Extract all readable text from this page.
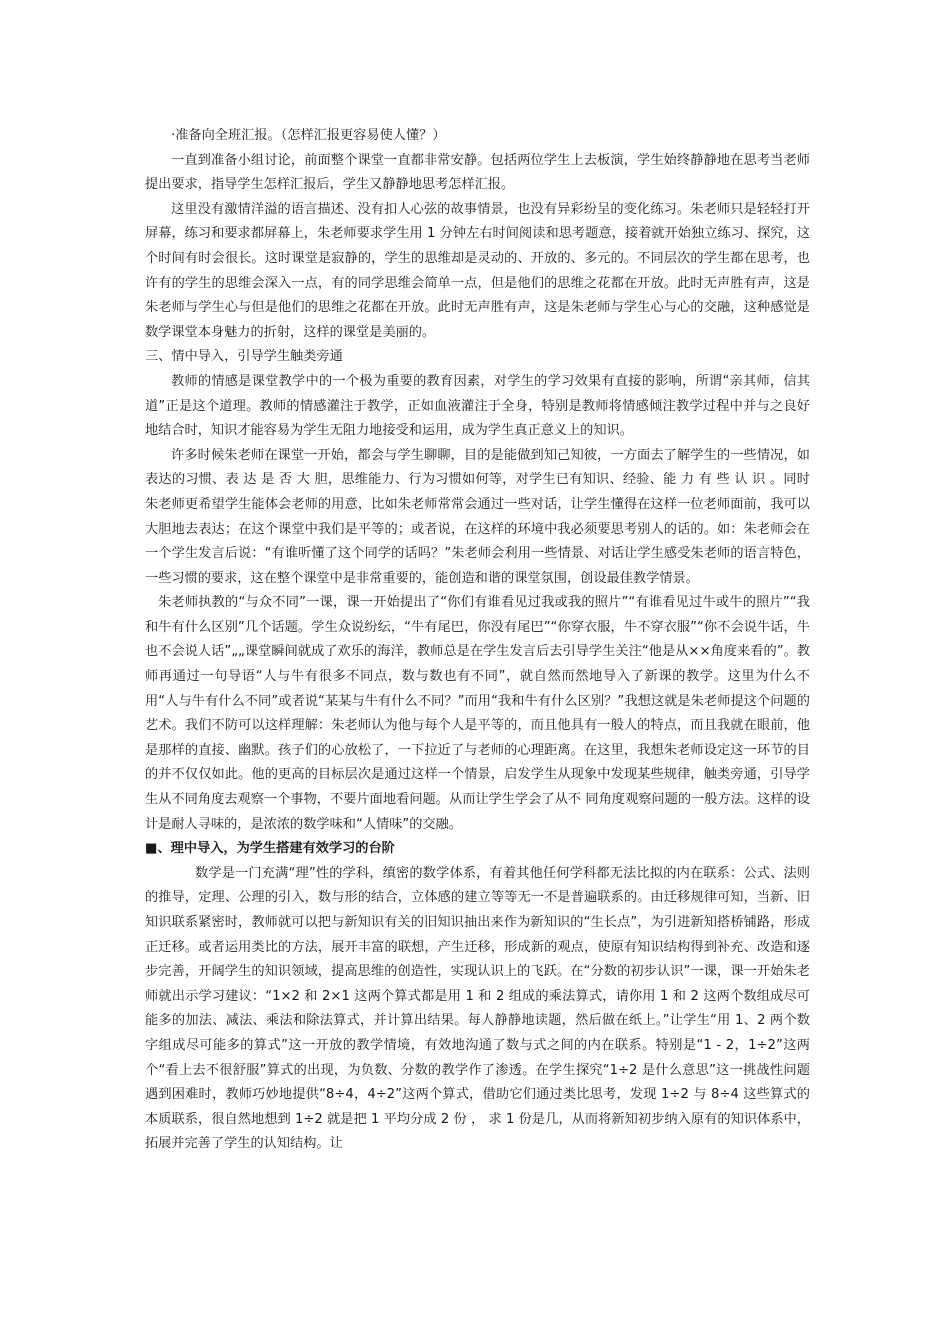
·准备向全班汇报。（怎样汇报更容易使人懂？）

一直到准备小组讨论，前面整个课堂一直都非常安静。包括两位学生上去板演，学生始终静静地在思考当老师提出要求，指导学生怎样汇报后，学生又静静地思考怎样汇报。

这里没有激情洋溢的语言描述、没有扣人心弦的故事情景，也没有异彩纷呈的变化练习。朱老师只是轻轻打开屏幕，练习和要求都屏幕上，朱老师要求学生用 1 分钟左右时间阅读和思考题意，接着就开始独立练习、探究，这个时间有时会很长。这时课堂是寂静的，学生的思维却是灵动的、开放的、多元的。不同层次的学生都在思考，也许有的学生的思维会深入一点，有的同学思维会简单一点，但是他们的思维之花都在开放。此时无声胜有声，这是朱老师与学生心与但是他们的思维之花都在开放。此时无声胜有声，这是朱老师与学生心与心的交融，这种感觉是数学课堂本身魅力的折射，这样的课堂是美丽的。

三、情中导入，引导学生触类旁通

教师的情感是课堂教学中的一个极为重要的教育因素，对学生的学习效果有直接的影响，所谓“亲其师，信其道”正是这个道理。教师的情感灌注于教学，正如血液灌注于全身，特别是教师将情感倾注教学过程中并与之良好地结合时，知识才能容易为学生无阻力地接受和运用，成为学生真正意义上的知识。

许多时候朱老师在课堂一开始，都会与学生聊聊，目的是能做到知己知彼，一方面去了解学生的一些情况，如表达的习惯、表 达 是 否 大 胆，思维能力、行为习惯如何等，对学生已有知识、经验、能 力 有 些 认 识 。同时朱老师更希望学生能体会老师的用意，比如朱老师常常会通过一些对话，让学生懂得在这样一位老师面前，我可以大胆地去表达；在这个课堂中我们是平等的；或者说，在这样的环境中我必须要思考别人的话的。如：朱老师会在一个学生发言后说：“有谁听懂了这个同学的话吗？”朱老师会利用一些情景、对话让学生感受朱老师的语言特色，一些习惯的要求，这在整个课堂中是非常重要的，能创造和谐的课堂氛围，创设最佳教学情景。

朱老师执教的“与众不同”一课，课一开始提出了“你们有谁看见过我或我的照片”“有谁看见过牛或牛的照片”“我和牛有什么区别”几个话题。学生众说纷纭，“牛有尾巴，你没有尾巴”“你穿衣服，牛不穿衣服”“你不会说牛话，牛也不会说人话”„„课堂瞬间就成了欢乐的海洋，教师总是在学生发言后去引导学生关注“他是从××角度来看的”。教师再通过一句导语“人与牛有很多不同点，数与数也有不同”，就自然而然地导入了新课的教学。这里为什么不用“人与牛有什么不同”或者说“某某与牛有什么不同？”而用“我和牛有什么区别？”我想这就是朱老师提这个问题的艺术。我们不防可以这样理解：朱老师认为他与每个人是平等的，而且他具有一般人的特点，而且我就在眼前，他是那样的直接、幽默。孩子们的心放松了，一下拉近了与老师的心理距离。在这里，我想朱老师设定这一环节的目的并不仅仅如此。他的更高的目标层次是通过这样一个情景，启发学生从现象中发现某些规律，触类旁通，引导学生从不同角度去观察一个事物，不要片面地看问题。从而让学生学会了从不 同角度观察问题的一般方法。这样的设计是耐人寻味的，是浓浓的数学味和“人情味”的交融。

■、理中导入，为学生搭建有效学习的台阶

数学是一门充满“理”性的学科，缜密的数学体系，有着其他任何学科都无法比拟的内在联系：公式、法则的推导，定理、公理的引入，数与形的结合，立体感的建立等等无一不是普遍联系的。由迁移规律可知，当新、旧知识联系紧密时，教师就可以把与新知识有关的旧知识抽出来作为新知识的“生长点”，为引进新知搭桥铺路，形成正迁移。或者运用类比的方法，展开丰富的联想，产生迁移，形成新的观点，使原有知识结构得到补充、改造和逐步完善，开阔学生的知识领域，提高思维的创造性，实现认识上的飞跃。在“分数的初步认识”一课，课一开始朱老师就出示学习建议：“1×2 和 2×1 这两个算式都是用 1 和 2 组成的乘法算式，请你用 1 和 2 这两个数组成尽可能多的加法、减法、乘法和除法算式，并计算出结果。每人静静地读题，然后做在纸上。”让学生“用 1、2 两个数字组成尽可能多的算式”这一开放的教学情境，有效地沟通了数与式之间的内在联系。特别是“1 - 2，1÷2”这两个“看上去不很舒服”算式的出现，为负数、分数的教学作了渗透。在学生探究“1÷2 是什么意思”这一挑战性问题遇到困难时，教师巧妙地提供“8÷4，4÷2”这两个算式，借助它们通过类比思考，发现 1÷2 与 8÷4 这些算式的本质联系，很自然地想到 1÷2 就是把 1 平均分成 2 份 ， 求 1 份是几，从而将新知初步纳入原有的知识体系中，拓展并完善了学生的认知结构。让
